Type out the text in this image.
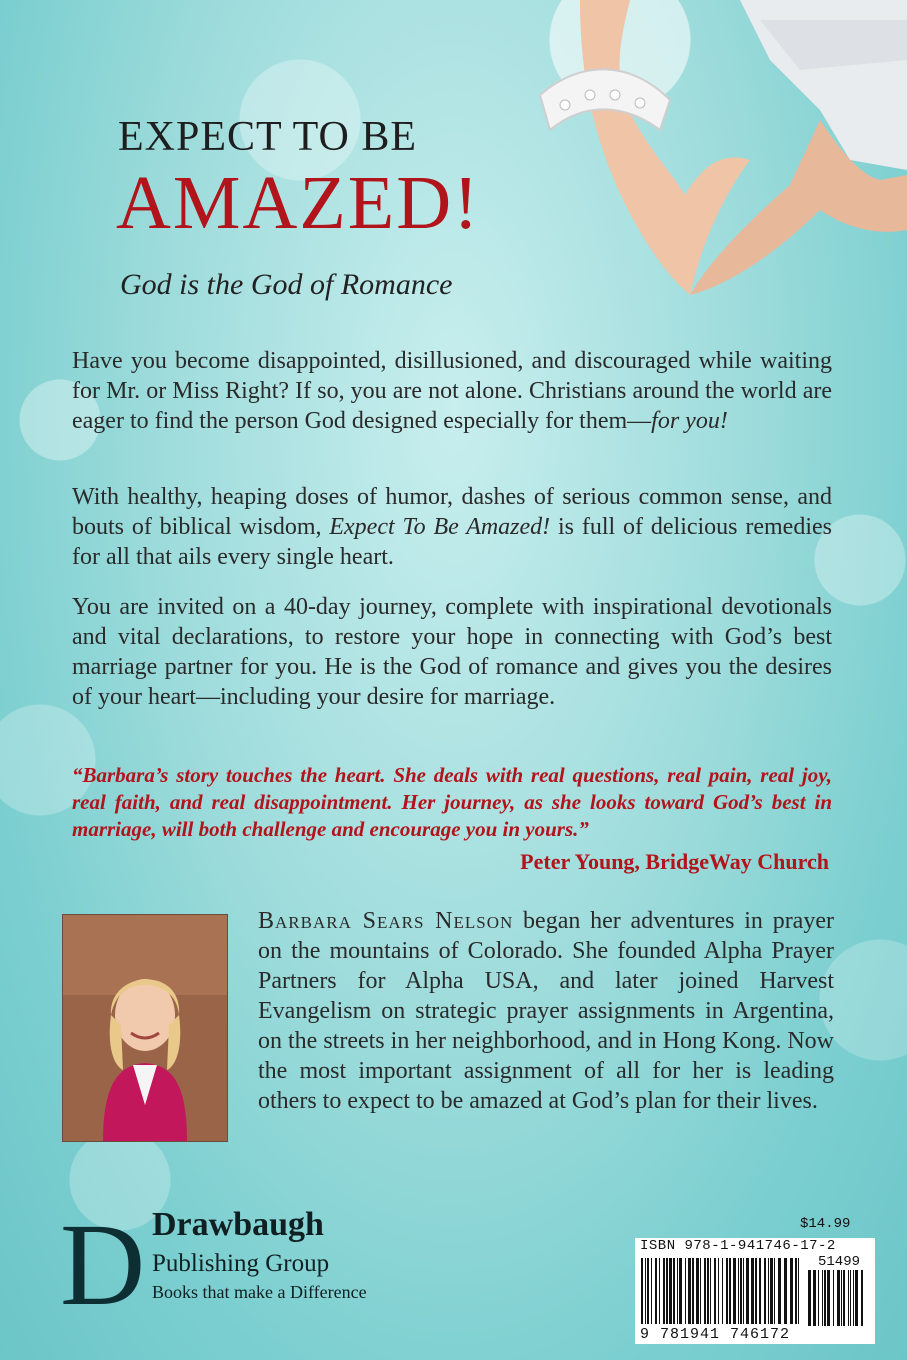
EXPECT TO BE
AMAZED!
God is the God of Romance

Have you become disappointed, disillusioned, and discouraged while waiting for Mr. or Miss Right? If so, you are not alone. Christians around the world are eager to find the person God designed especially for them—for you!

With healthy, heaping doses of humor, dashes of serious common sense, and bouts of biblical wisdom, Expect To Be Amazed! is full of delicious remedies for all that ails every single heart.

You are invited on a 40-day journey, complete with inspirational devotionals and vital declarations, to restore your hope in connecting with God’s best marriage partner for you. He is the God of romance and gives you the desires of your heart—including your desire for marriage.

“Barbara’s story touches the heart. She deals with real questions, real pain, real joy, real faith, and real disappointment. Her journey, as she looks toward God’s best in marriage, will both challenge and encourage you in yours.”
Peter Young, BridgeWay Church
Barbara Sears Nelson began her adventures in prayer on the mountains of Colorado. She founded Alpha Prayer Partners for Alpha USA, and later joined Harvest Evangelism on strategic prayer assignments in Argentina, on the streets in her neighborhood, and in Hong Kong. Now the most important assignment of all for her is leading others to expect to be amazed at God’s plan for their lives.
D Drawbaugh
Publishing Group
Books that make a Difference
$14.99
ISBN 978-1-941746-17-2
51499
9 781941 746172
